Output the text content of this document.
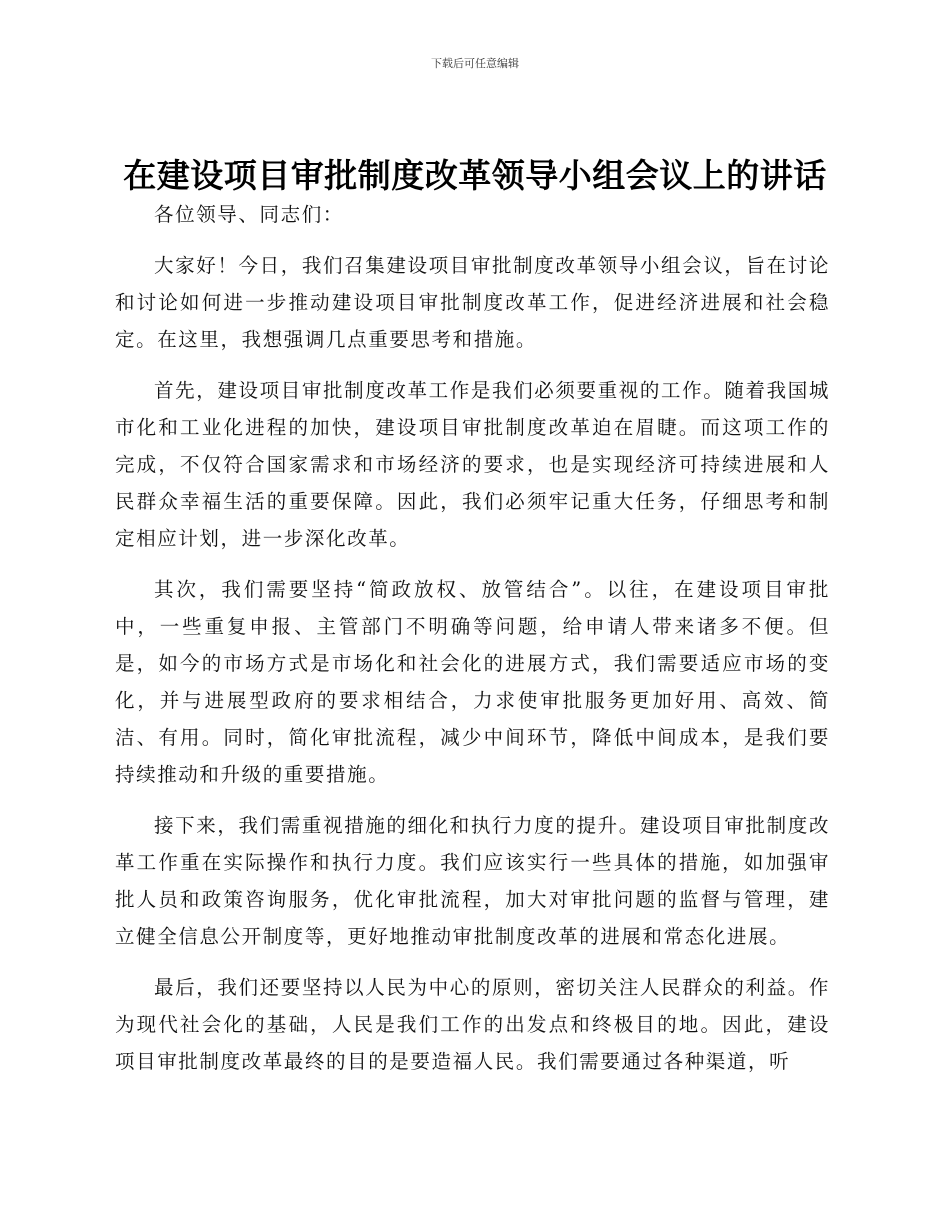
下载后可任意编辑
在建设项目审批制度改革领导小组会议上的讲话

各位领导、同志们：

大家好！今日，我们召集建设项目审批制度改革领导小组会议，旨在讨论和讨论如何进一步推动建设项目审批制度改革工作，促进经济进展和社会稳定。在这里，我想强调几点重要思考和措施。

首先，建设项目审批制度改革工作是我们必须要重视的工作。随着我国城市化和工业化进程的加快，建设项目审批制度改革迫在眉睫。而这项工作的完成，不仅符合国家需求和市场经济的要求，也是实现经济可持续进展和人民群众幸福生活的重要保障。因此，我们必须牢记重大任务，仔细思考和制定相应计划，进一步深化改革。

其次，我们需要坚持“简政放权、放管结合”。以往，在建设项目审批中，一些重复申报、主管部门不明确等问题，给申请人带来诸多不便。但是，如今的市场方式是市场化和社会化的进展方式，我们需要适应市场的变化，并与进展型政府的要求相结合，力求使审批服务更加好用、高效、简洁、有用。同时，简化审批流程，减少中间环节，降低中间成本，是我们要持续推动和升级的重要措施。

接下来，我们需重视措施的细化和执行力度的提升。建设项目审批制度改革工作重在实际操作和执行力度。我们应该实行一些具体的措施，如加强审批人员和政策咨询服务，优化审批流程，加大对审批问题的监督与管理，建立健全信息公开制度等，更好地推动审批制度改革的进展和常态化进展。

最后，我们还要坚持以人民为中心的原则，密切关注人民群众的利益。作为现代社会化的基础，人民是我们工作的出发点和终极目的地。因此，建设项目审批制度改革最终的目的是要造福人民。我们需要通过各种渠道，听
